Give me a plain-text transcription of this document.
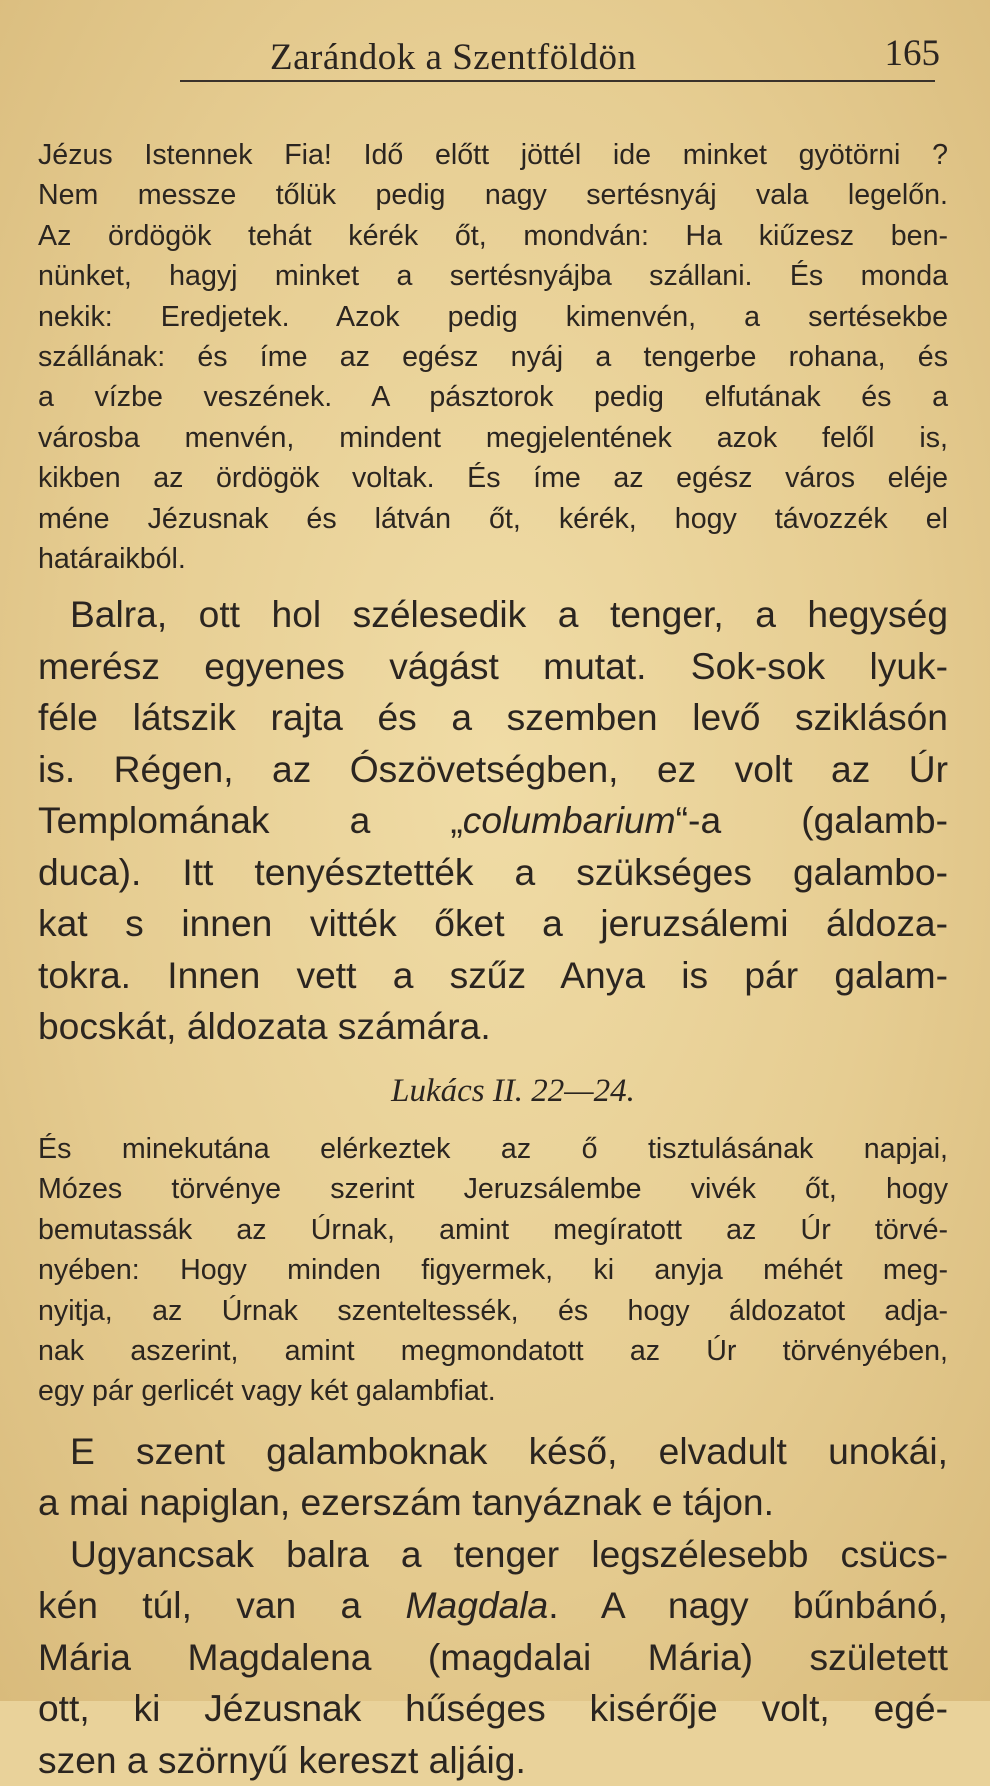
Zarándok a Szentföldön	165

Jézus Istennek Fia! Idő előtt jöttél ide minket gyötörni ?
Nem messze tőlük pedig nagy sertésnyáj vala legelőn.
Az ördögök tehát kérék őt, mondván: Ha kiűzesz ben-
nünket, hagyj minket a sertésnyájba szállani. És monda
nekik: Eredjetek. Azok pedig kimenvén, a sertésekbe
szállának: és íme az egész nyáj a tengerbe rohana, és
a vízbe veszének. A pásztorok pedig elfutának és a
városba menvén, mindent megjelentének azok felől is,
kikben az ördögök voltak. És íme az egész város eléje
méne Jézusnak és látván őt, kérék, hogy távozzék el
határaikból.

Balra, ott hol szélesedik a tenger, a hegység
merész egyenes vágást mutat. Sok-sok lyuk-
féle látszik rajta és a szemben levő sziklásón
is. Régen, az Ószövetségben, ez volt az Úr
Templomának a „columbarium“-a (galamb-
duca). Itt tenyésztették a szükséges galambo-
kat s innen vitték őket a jeruzsálemi áldoza-
tokra. Innen vett a szűz Anya is pár galam-
bocskát, áldozata számára.

Lukács II. 22—24.

És minekutána elérkeztek az ő tisztulásának napjai,
Mózes törvénye szerint Jeruzsálembe vivék őt, hogy
bemutassák az Úrnak, amint megíratott az Úr törvé-
nyében: Hogy minden figyermek, ki anyja méhét meg-
nyitja, az Úrnak szenteltessék, és hogy áldozatot adja-
nak aszerint, amint megmondatott az Úr törvényében,
egy pár gerlicét vagy két galambfiat.

E szent galamboknak késő, elvadult unokái,
a mai napiglan, ezerszám tanyáznak e tájon.

Ugyancsak balra a tenger legszélesebb csücs-
kén túl, van a Magdala. A nagy bűnbánó,
Mária Magdalena (magdalai Mária) született
ott, ki Jézusnak hűséges kisérője volt, egé-
szen a szörnyű kereszt aljáig.
